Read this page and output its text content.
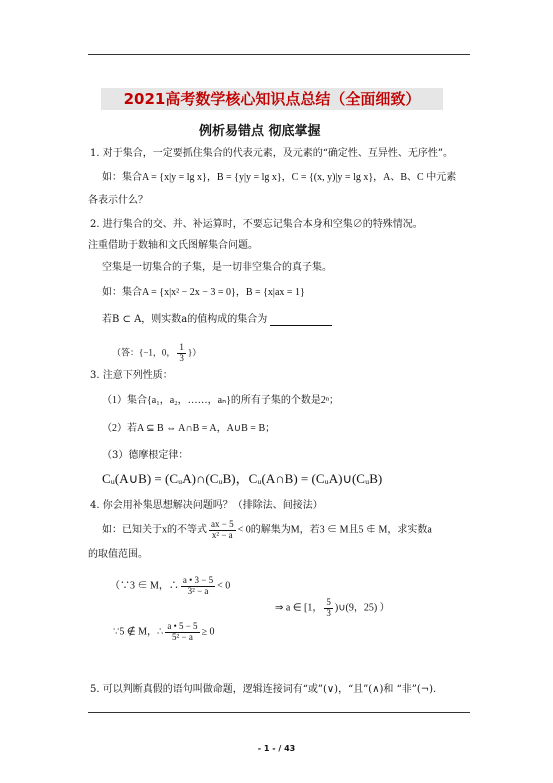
2021高考数学核心知识点总结（全面细致）
例析易错点 彻底掌握
1. 对于集合，一定要抓住集合的代表元素，及元素的“确定性、互异性、无序性”。
如：集合A = {x|y = lg x}，B = {y|y = lg x}，C = {(x, y)|y = lg x}，A、B、C 中元素
各表示什么？
2. 进行集合的交、并、补运算时，不要忘记集合本身和空集∅的特殊情况。
注重借助于数轴和文氏图解集合问题。
空集是一切集合的子集，是一切非空集合的真子集。
如：集合A = {x|x² − 2x − 3 = 0}，B = {x|ax = 1}
若B ⊂ A，则实数a的值构成的集合为
（答：{−1，0， $\frac{1}{3}$ }）
3. 注意下列性质：
（1）集合{a₁，a₂，……，aₙ}的所有子集的个数是2ⁿ；
（2）若A ⊆ B ⇔ A∩B = A，A∪B = B；
（3）德摩根定律：
Cᵤ(A∪B) = (CᵤA)∩(CᵤB)，Cᵤ(A∩B) = (CᵤA)∪(CᵤB)
4. 你会用补集思想解决问题吗？（排除法、间接法）
如：已知关于x的不等式 $\frac{ax - 5}{\text{x² − a}} < 0$的解集为M，若3 ∈ M且5 ∉ M，求实数a
的取值范围。
（∵3 ∈ M，∴ $\frac{a • 3 - 5}{\text{3² − a}} < 0$
⇒ a ∈ [1， $\frac{5}{3}$ )∪(9，25) ）
∵5 ∉ M，∴ $\frac{a • 5 - 5}{\text{5² − a}} \ge 0$
5. 可以判断真假的语句叫做命题，逻辑连接词有“或”(∨)，“且”(∧)和 “非”(¬).
- 1 - / 43
